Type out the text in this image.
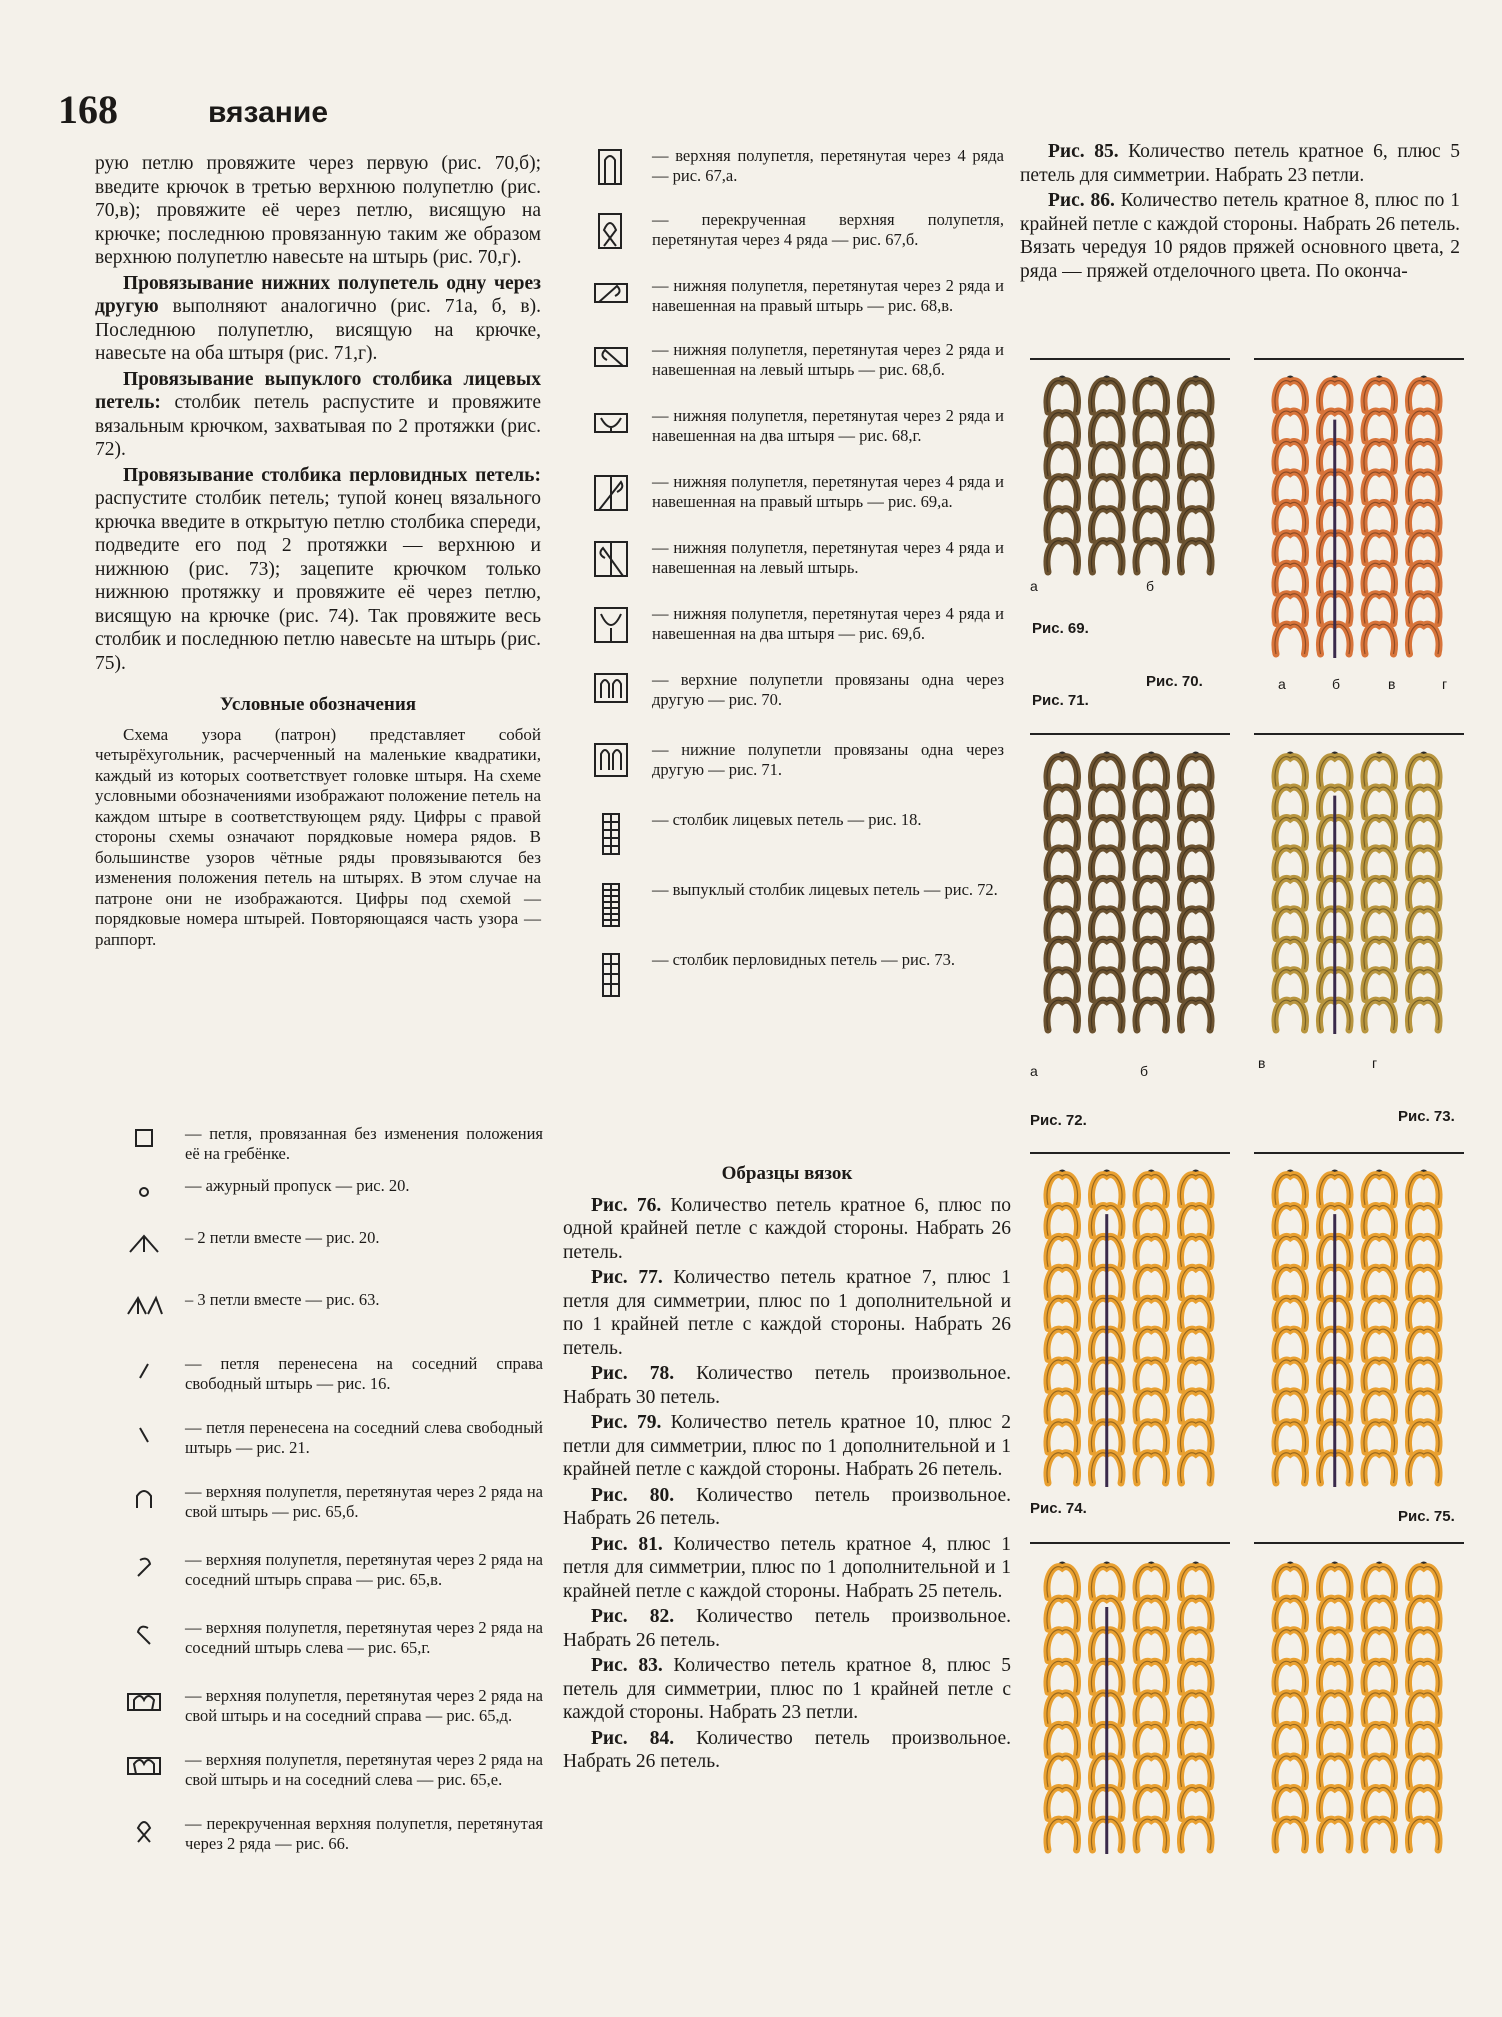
168	вязание

рую петлю провяжите через первую (рис. 70,б); введите крючок в третью верхнюю полупетлю (рис. 70,в); провяжите её через петлю, висящую на крючке; последнюю провязанную таким же образом верхнюю полупетлю навесьте на штырь (рис. 70,г).

Провязывание нижних полупетель одну через другую выполняют аналогично (рис. 71а, б, в). Последнюю полупетлю, висящую на крючке, навесьте на оба штыря (рис. 71,г).

Провязывание выпуклого столбика лицевых петель: столбик петель распустите и провяжите вязальным крючком, захватывая по 2 протяжки (рис. 72).

Провязывание столбика перловидных петель: распустите столбик петель; тупой конец вязального крючка введите в открытую петлю столбика спереди, подведите его под 2 протяжки — верхнюю и нижнюю (рис. 73); зацепите крючком только нижнюю протяжку и провяжите её через петлю, висящую на крючке (рис. 74). Так провяжите весь столбик и последнюю петлю навесьте на штырь (рис. 75).

Условные обозначения

Схема узора (патрон) представляет собой четырёхугольник, расчерченный на маленькие квадратики, каждый из которых соответствует головке штыря. На схеме условными обозначениями изображают положение петель на каждом штыре в соответствующем ряду. Цифры с правой стороны схемы означают порядковые номера рядов. В большинстве узоров чётные ряды провязываются без изменения положения петель на штырях. В этом случае на патроне они не изображаются. Цифры под схемой — порядковые номера штырей. Повторяющаяся часть узора — раппорт.

— петля, провязанная без изменения положения её на гребёнке.
— ажурный пропуск — рис. 20.
– 2 петли вместе — рис. 20.
– 3 петли вместе — рис. 63.
— петля перенесена на соседний справа свободный штырь — рис. 16.
— петля перенесена на соседний слева свободный штырь — рис. 21.
— верхняя полупетля, перетянутая через 2 ряда на свой штырь — рис. 65,б.
— верхняя полупетля, перетянутая через 2 ряда на соседний штырь справа — рис. 65,в.
— верхняя полупетля, перетянутая через 2 ряда на соседний штырь слева — рис. 65,г.
— верхняя полупетля, перетянутая через 2 ряда на свой штырь и на соседний справа — рис. 65,д.
— верхняя полупетля, перетянутая через 2 ряда на свой штырь и на соседний слева — рис. 65,е.
— перекрученная верхняя полупетля, перетянутая через 2 ряда — рис. 66.
— верхняя полупетля, перетянутая через 4 ряда — рис. 67,а.
— перекрученная верхняя полупетля, перетянутая через 4 ряда — рис. 67,б.
— нижняя полупетля, перетянутая через 2 ряда и навешенная на правый штырь — рис. 68,в.
— нижняя полупетля, перетянутая через 2 ряда и навешенная на левый штырь — рис. 68,б.
— нижняя полупетля, перетянутая через 2 ряда и навешенная на два штыря — рис. 68,г.
— нижняя полупетля, перетянутая через 4 ряда и навешенная на правый штырь — рис. 69,а.
— нижняя полупетля, перетянутая через 4 ряда и навешенная на левый штырь.
— нижняя полупетля, перетянутая через 4 ряда и навешенная на два штыря — рис. 69,б.
— верхние полупетли провязаны одна через другую — рис. 70.
— нижние полупетли провязаны одна через другую — рис. 71.
— столбик лицевых петель — рис. 18.
— выпуклый столбик лицевых петель — рис. 72.
— столбик перловидных петель — рис. 73.
Образцы вязок

Рис. 76. Количество петель кратное 6, плюс по одной крайней петле с каждой стороны. Набрать 26 петель.

Рис. 77. Количество петель кратное 7, плюс 1 петля для симметрии, плюс по 1 дополнительной и по 1 крайней петле с каждой стороны. Набрать 26 петель.

Рис. 78. Количество петель произвольное. Набрать 30 петель.

Рис. 79. Количество петель кратное 10, плюс 2 петли для симметрии, плюс по 1 дополнительной и 1 крайней петле с каждой стороны. Набрать 26 петель.

Рис. 80. Количество петель произвольное. Набрать 26 петель.

Рис. 81. Количество петель кратное 4, плюс 1 петля для симметрии, плюс по 1 дополнительной и 1 крайней петле с каждой стороны. Набрать 25 петель.

Рис. 82. Количество петель произвольное. Набрать 26 петель.

Рис. 83. Количество петель кратное 8, плюс 5 петель для симметрии, плюс по 1 крайней петле с каждой стороны. Набрать 23 петли.

Рис. 84. Количество петель произвольное. Набрать 26 петель.

Рис. 85. Количество петель кратное 6, плюс 5 петель для симметрии. Набрать 23 петли.

Рис. 86. Количество петель кратное 8, плюс по 1 крайней петле с каждой стороны. Набрать 26 петель. Вязать чередуя 10 рядов пряжей основного цвета, 2 ряда — пряжей отделочного цвета. По оконча-

а	б
Рис. 69.
Рис. 70.
Рис. 71.
а	б	в	г
а	б	в	г
Рис. 72.	Рис. 73.
Рис. 74.	Рис. 75.
